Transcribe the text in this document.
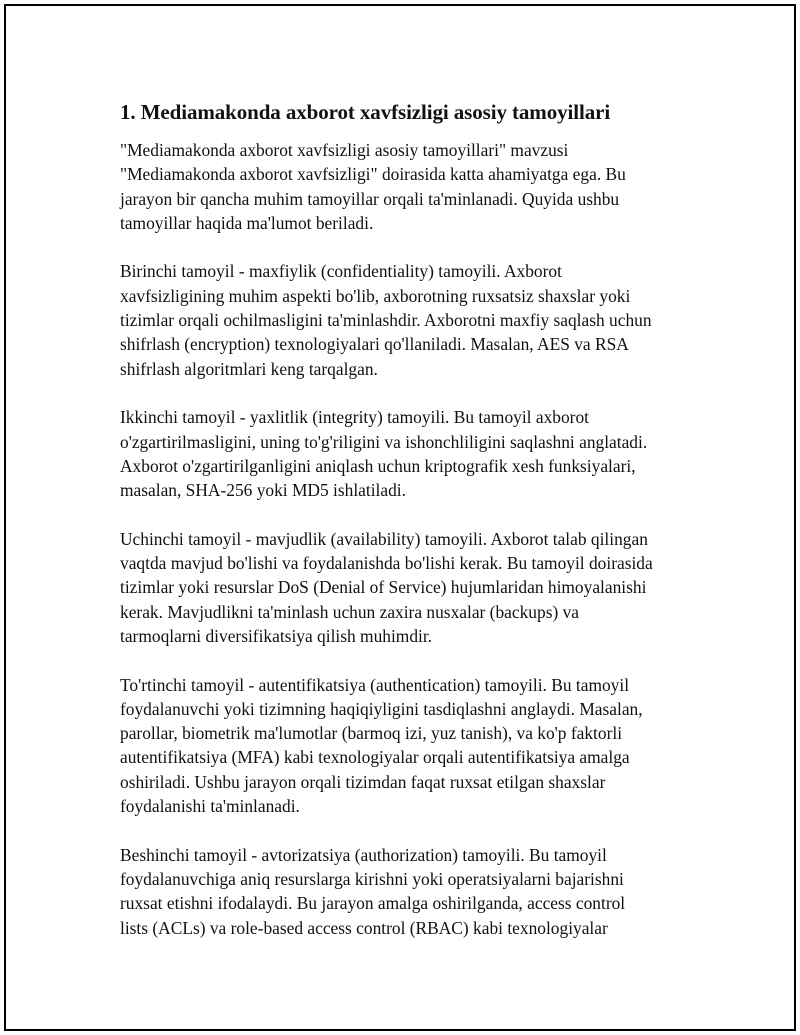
1. Mediamakonda axborot xavfsizligi asosiy tamoyillari

"Mediamakonda axborot xavfsizligi asosiy tamoyillari" mavzusi
"Mediamakonda axborot xavfsizligi" doirasida katta ahamiyatga ega. Bu
jarayon bir qancha muhim tamoyillar orqali ta'minlanadi. Quyida ushbu
tamoyillar haqida ma'lumot beriladi.

Birinchi tamoyil - maxfiylik (confidentiality) tamoyili. Axborot
xavfsizligining muhim aspekti bo'lib, axborotning ruxsatsiz shaxslar yoki
tizimlar orqali ochilmasligini ta'minlashdir. Axborotni maxfiy saqlash uchun
shifrlash (encryption) texnologiyalari qo'llaniladi. Masalan, AES va RSA
shifrlash algoritmlari keng tarqalgan.

Ikkinchi tamoyil - yaxlitlik (integrity) tamoyili. Bu tamoyil axborot
o'zgartirilmasligini, uning to'g'riligini va ishonchliligini saqlashni anglatadi.
Axborot o'zgartirilganligini aniqlash uchun kriptografik xesh funksiyalari,
masalan, SHA-256 yoki MD5 ishlatiladi.

Uchinchi tamoyil - mavjudlik (availability) tamoyili. Axborot talab qilingan
vaqtda mavjud bo'lishi va foydalanishda bo'lishi kerak. Bu tamoyil doirasida
tizimlar yoki resurslar DoS (Denial of Service) hujumlaridan himoyalanishi
kerak. Mavjudlikni ta'minlash uchun zaxira nusxalar (backups) va
tarmoqlarni diversifikatsiya qilish muhimdir.

To'rtinchi tamoyil - autentifikatsiya (authentication) tamoyili. Bu tamoyil
foydalanuvchi yoki tizimning haqiqiyligini tasdiqlashni anglaydi. Masalan,
parollar, biometrik ma'lumotlar (barmoq izi, yuz tanish), va ko'p faktorli
autentifikatsiya (MFA) kabi texnologiyalar orqali autentifikatsiya amalga
oshiriladi. Ushbu jarayon orqali tizimdan faqat ruxsat etilgan shaxslar
foydalanishi ta'minlanadi.

Beshinchi tamoyil - avtorizatsiya (authorization) tamoyili. Bu tamoyil
foydalanuvchiga aniq resurslarga kirishni yoki operatsiyalarni bajarishni
ruxsat etishni ifodalaydi. Bu jarayon amalga oshirilganda, access control
lists (ACLs) va role-based access control (RBAC) kabi texnologiyalar
